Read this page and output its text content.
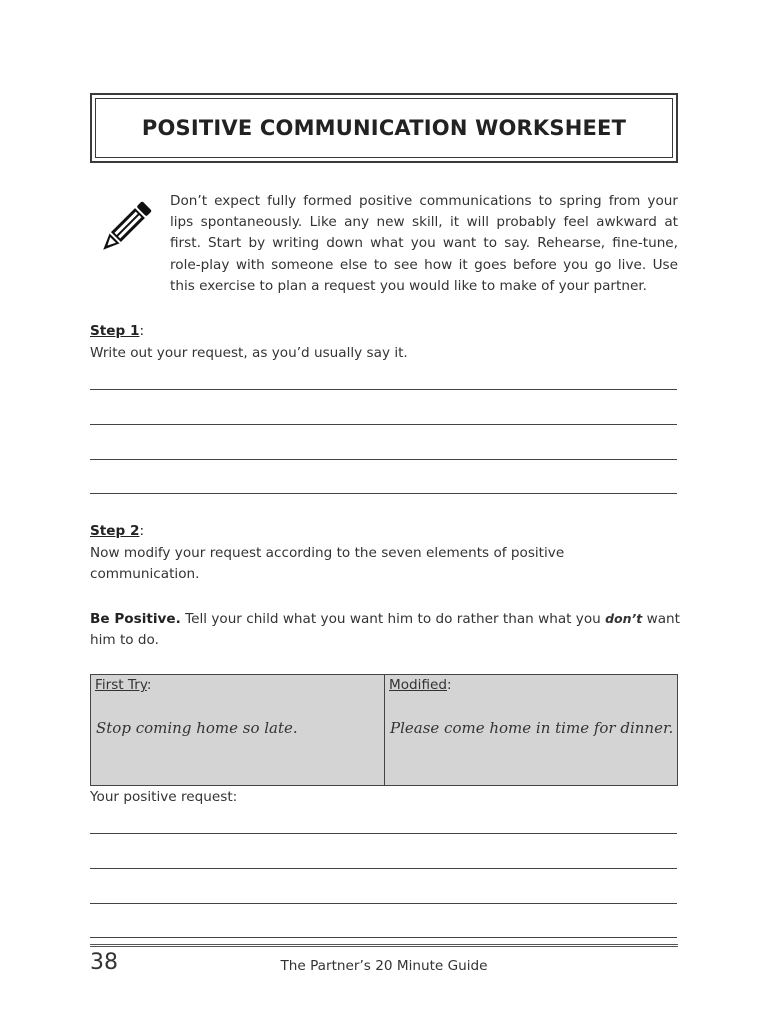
POSITIVE COMMUNICATION WORKSHEET
Don’t expect fully formed positive communications to spring from your lips spontaneously. Like any new skill, it will probably feel awkward at first. Start by writing down what you want to say. Rehearse, fine-tune, role-play with someone else to see how it goes before you go live. Use this exercise to plan a request you would like to make of your partner.
Step 1:
Write out your request, as you’d usually say it.
Step 2:
Now modify your request according to the seven elements of positive communication.
Be Positive. Tell your child what you want him to do rather than what you don’t want him to do.
First Try:
Stop coming home so late.
Modified:
Please come home in time for dinner.
Your positive request:
38	The Partner’s 20 Minute Guide
